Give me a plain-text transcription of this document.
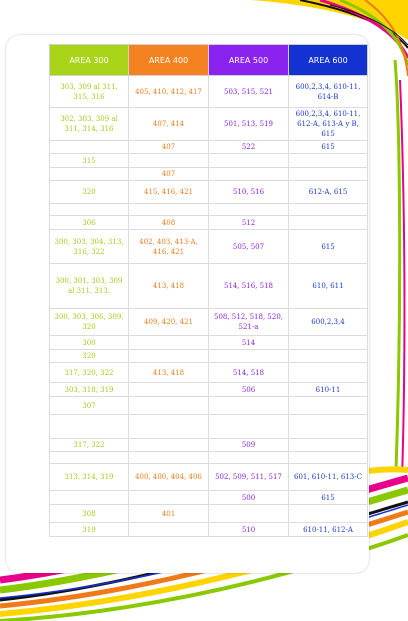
AREA 300	AREA 400	AREA 500	AREA 600
303, 309 al 311, 315, 316	405, 410, 412, 417	503, 515, 521	600,2,3,4, 610-11, 614-B
302, 303, 309 al 311, 314, 316	407, 414	501, 513, 519	600,2,3,4, 610-11, 612-A, 613-A y B, 615
	407	522	615
315			
	407		
320	415, 416, 421	510, 516	612-A, 615

306	408	512	
300, 303, 304, 313, 316, 322	402, 403, 413-A, 416, 421	505, 507	615
300, 301, 303, 309 al 311, 313.	413, 418	514, 516, 518	610, 611
300, 303, 306, 309, 320	409, 420, 421	508, 512, 518, 520, 521-a	600,2,3,4
300		514	
320			
317, 320, 322	413, 418	514, 518	
303, 318, 319		506	610-11
307			

317, 322		509	

313, 314, 319	400, 400, 404, 406	502, 509, 511, 517	601, 610-11, 613-C
		500	615
308	401		
319		510	610-11, 612-A
